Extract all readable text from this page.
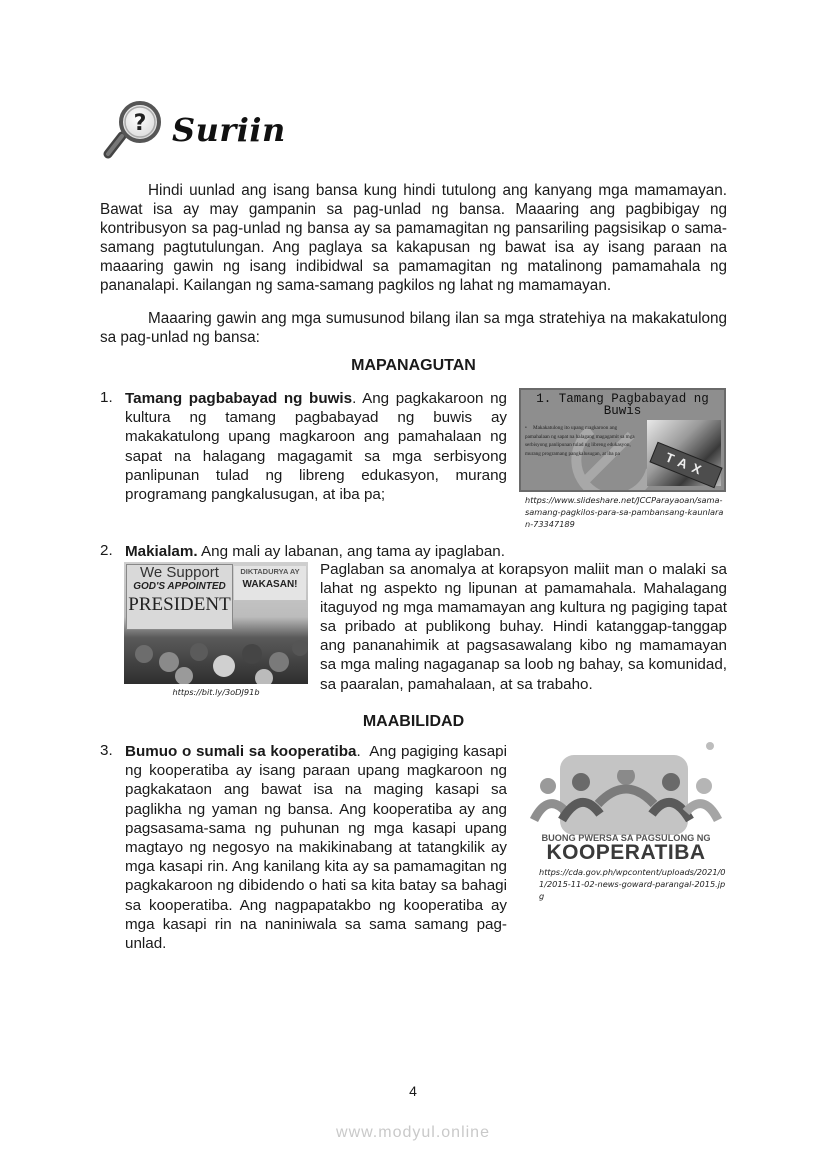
? Suriin
Hindi uunlad ang isang bansa kung hindi tutulong ang kanyang mga mamamayan. Bawat isa ay may gampanin sa pag-unlad ng bansa. Maaaring ang pagbibigay ng kontribusyon sa pag-unlad ng bansa ay sa pamamagitan ng pansariling pagsisikap o sama-samang pagtutulungan. Ang paglaya sa kakapusan ng bawat isa ay isang paraan na maaaring gawin ng isang indibidwal sa pamamagitan ng matalinong pamamahala ng pananalapi. Kailangan ng sama-samang pagkilos ng lahat ng mamamayan.
Maaaring gawin ang mga sumusunod bilang ilan sa mga stratehiya na makakatulong sa pag-unlad ng bansa:
MAPANAGUTAN
1. Tamang pagbabayad ng buwis. Ang pagkakaroon ng kultura ng tamang pagbabayad ng buwis ay makakatulong upang magkaroon ang pamahalaan ng sapat na halagang magagamit sa mga serbisyong panlipunan tulad ng libreng edukasyon, murang programang pangkalusugan, at iba pa;
1. Tamang Pagbabayad ng Buwis
•	Makakatulong ito upang magkaroon ang pamahalaan ng sapat na halagang magagamit sa mga serbisyong panlipunan tulad ng libreng edukasyon, murang programang pangkalusugan, at iba pa	TAX
https://www.slideshare.net/JCCParayaoan/sama-samang-pagkilos-para-sa-pambansang-kaunlaran-73347189
2. Makialam. Ang mali ay labanan, ang tama ay ipaglaban.
We Support
GOD'S APPOINTED
PRESIDENT
DIKTADURYA AY
WAKASAN!
https://bit.ly/3oDJ91b
Paglaban sa anomalya at korapsyon maliit man o malaki sa lahat ng aspekto ng lipunan at pamamahala. Mahalagang itaguyod ng mga mamamayan ang kultura ng pagiging tapat sa pribado at publikong buhay. Hindi katanggap-tanggap ang pananahimik at pagsasawalang kibo ng mamamayan sa mga maling nagaganap sa loob ng bahay, sa komunidad, sa paaralan, pamahalaan, at sa trabaho.
MAABILIDAD
3. Bumuo o sumali sa kooperatiba. Ang pagiging kasapi ng kooperatiba ay isang paraan upang magkaroon ng pagkakataon ang bawat isa na maging kasapi sa paglikha ng yaman ng bansa. Ang kooperatiba ay ang pagsasama-sama ng puhunan ng mga kasapi upang magtayo ng negosyo na makikinabang at tatangkilik ay mga kasapi rin. Ang kanilang kita ay sa pamamagitan ng pagkakaroon ng dibidendo o hati sa kita batay sa bahagi sa kooperatiba. Ang nagpapatakbo ng kooperatiba ay mga kasapi rin na naniniwala sa sama samang pag-unlad.
BUONG PWERSA SA PAGSULONG NG
KOOPERATIBA
https://cda.gov.ph/wpcontent/uploads/2021/01/2015-11-02-news-goward-parangal-2015.jpg
4
www.modyul.online
